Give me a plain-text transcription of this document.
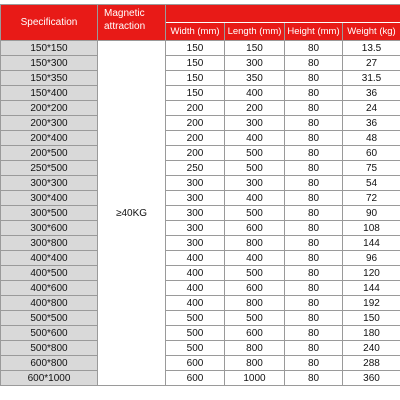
Specification	Magnetic attraction				
		Width (mm)	Length (mm)	Height (mm)	Weight (kg)
150*150	≥40KG	150	150	80	13.5
150*300		150	300	80	27
150*350		150	350	80	31.5
150*400		150	400	80	36
200*200		200	200	80	24
200*300		200	300	80	36
200*400		200	400	80	48
200*500		200	500	80	60
250*500		250	500	80	75
300*300		300	300	80	54
300*400		300	400	80	72
300*500		300	500	80	90
300*600		300	600	80	108
300*800		300	800	80	144
400*400		400	400	80	96
400*500		400	500	80	120
400*600		400	600	80	144
400*800		400	800	80	192
500*500		500	500	80	150
500*600		500	600	80	180
500*800		500	800	80	240
600*800		600	800	80	288
600*1000		600	1000	80	360
